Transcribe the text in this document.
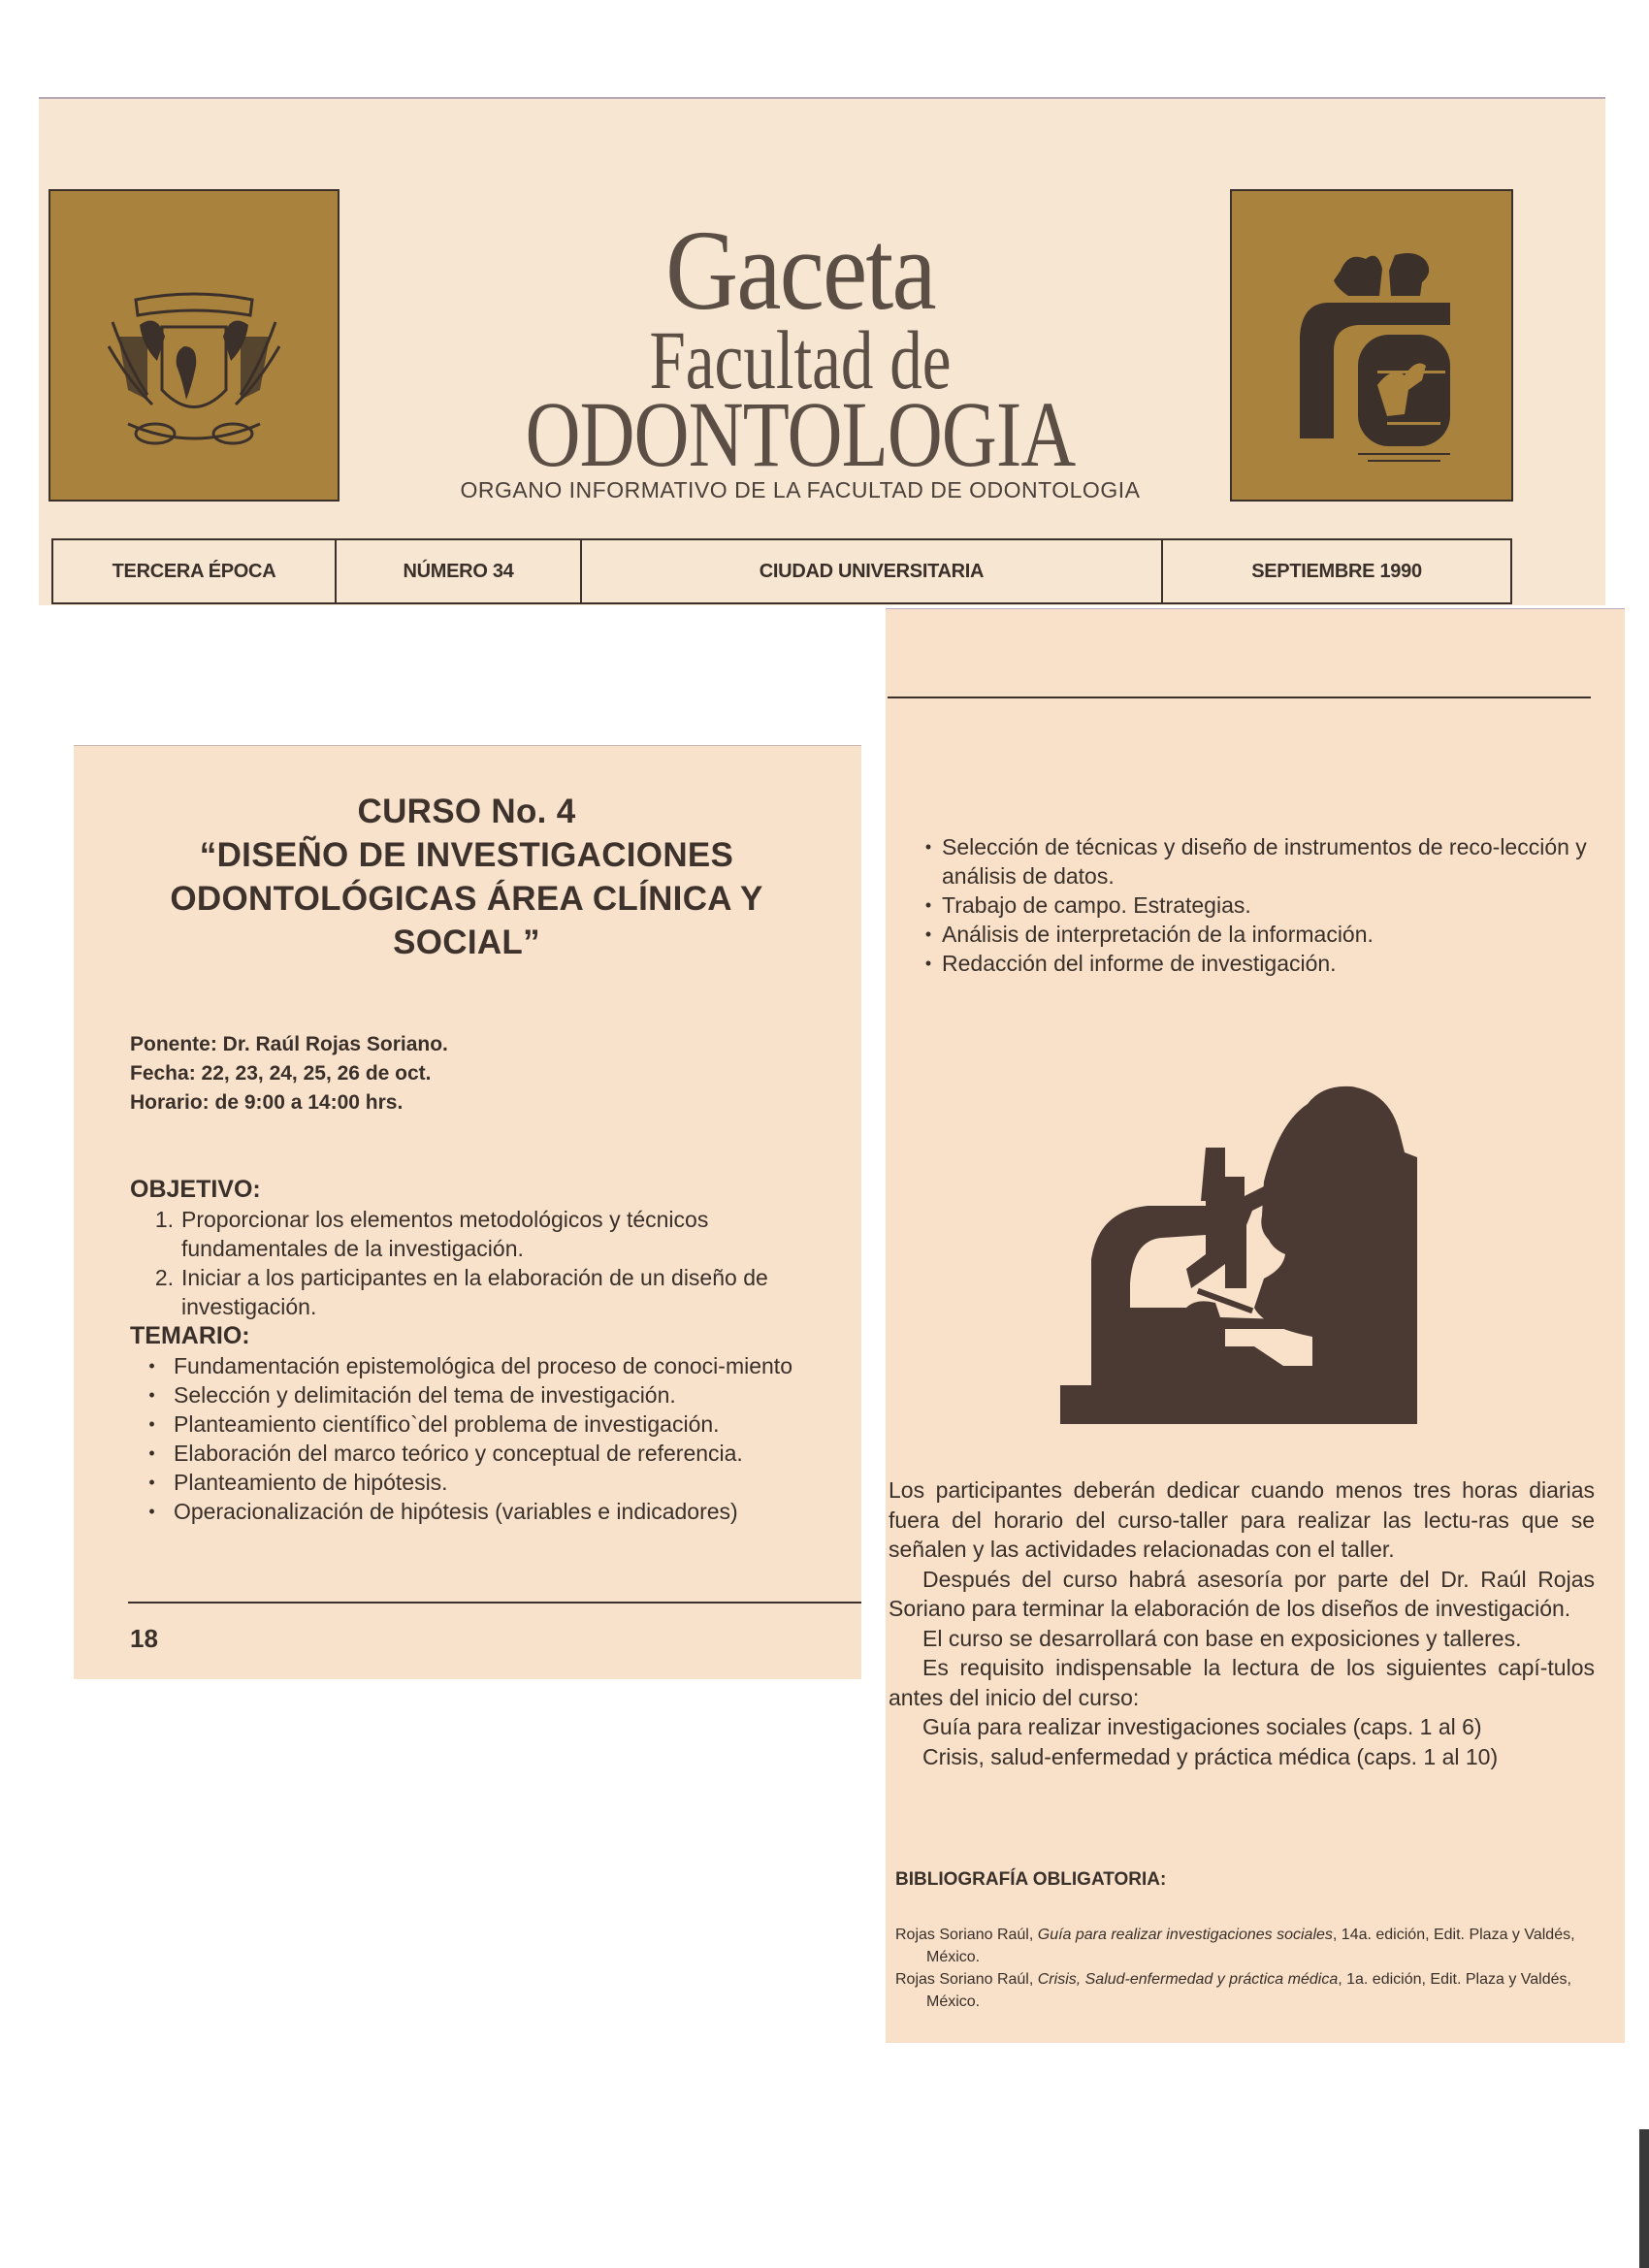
Gaceta
Facultad de
ODONTOLOGIA
ORGANO INFORMATIVO DE LA FACULTAD DE ODONTOLOGIA
TERCERA ÉPOCA	NÚMERO 34	CIUDAD UNIVERSITARIA	SEPTIEMBRE 1990
CURSO No. 4
“DISEÑO DE INVESTIGACIONES
ODONTOLÓGICAS ÁREA CLÍNICA Y
SOCIAL”
Ponente: Dr. Raúl Rojas Soriano.
Fecha: 22, 23, 24, 25, 26 de oct.
Horario: de 9:00 a 14:00 hrs.
OBJETIVO:
1. Proporcionar los elementos metodológicos y técnicos fundamentales de la investigación.
2. Iniciar a los participantes en la elaboración de un diseño de investigación.
TEMARIO:
• Fundamentación epistemológica del proceso de conoci-miento
• Selección y delimitación del tema de investigación.
• Planteamiento científico`del problema de investigación.
• Elaboración del marco teórico y conceptual de referencia.
• Planteamiento de hipótesis.
• Operacionalización de hipótesis (variables e indicadores)
18
• Selección de técnicas y diseño de instrumentos de reco-lección y análisis de datos.
• Trabajo de campo. Estrategias.
• Análisis de interpretación de la información.
• Redacción del informe de investigación.

Los participantes deberán dedicar cuando menos tres horas diarias fuera del horario del curso-taller para realizar las lectu-ras que se señalen y las actividades relacionadas con el taller.

Después del curso habrá asesoría por parte del Dr. Raúl Rojas Soriano para terminar la elaboración de los diseños de investigación.

El curso se desarrollará con base en exposiciones y talleres.

Es requisito indispensable la lectura de los siguientes capí-tulos antes del inicio del curso:

Guía para realizar investigaciones sociales (caps. 1 al 6)

Crisis, salud-enfermedad y práctica médica (caps. 1 al 10)

BIBLIOGRAFÍA OBLIGATORIA:
Rojas Soriano Raúl, Guía para realizar investigaciones sociales, 14a. edición, Edit. Plaza y Valdés, México.
Rojas Soriano Raúl, Crisis, Salud-enfermedad y práctica médica, 1a. edición, Edit. Plaza y Valdés, México.
